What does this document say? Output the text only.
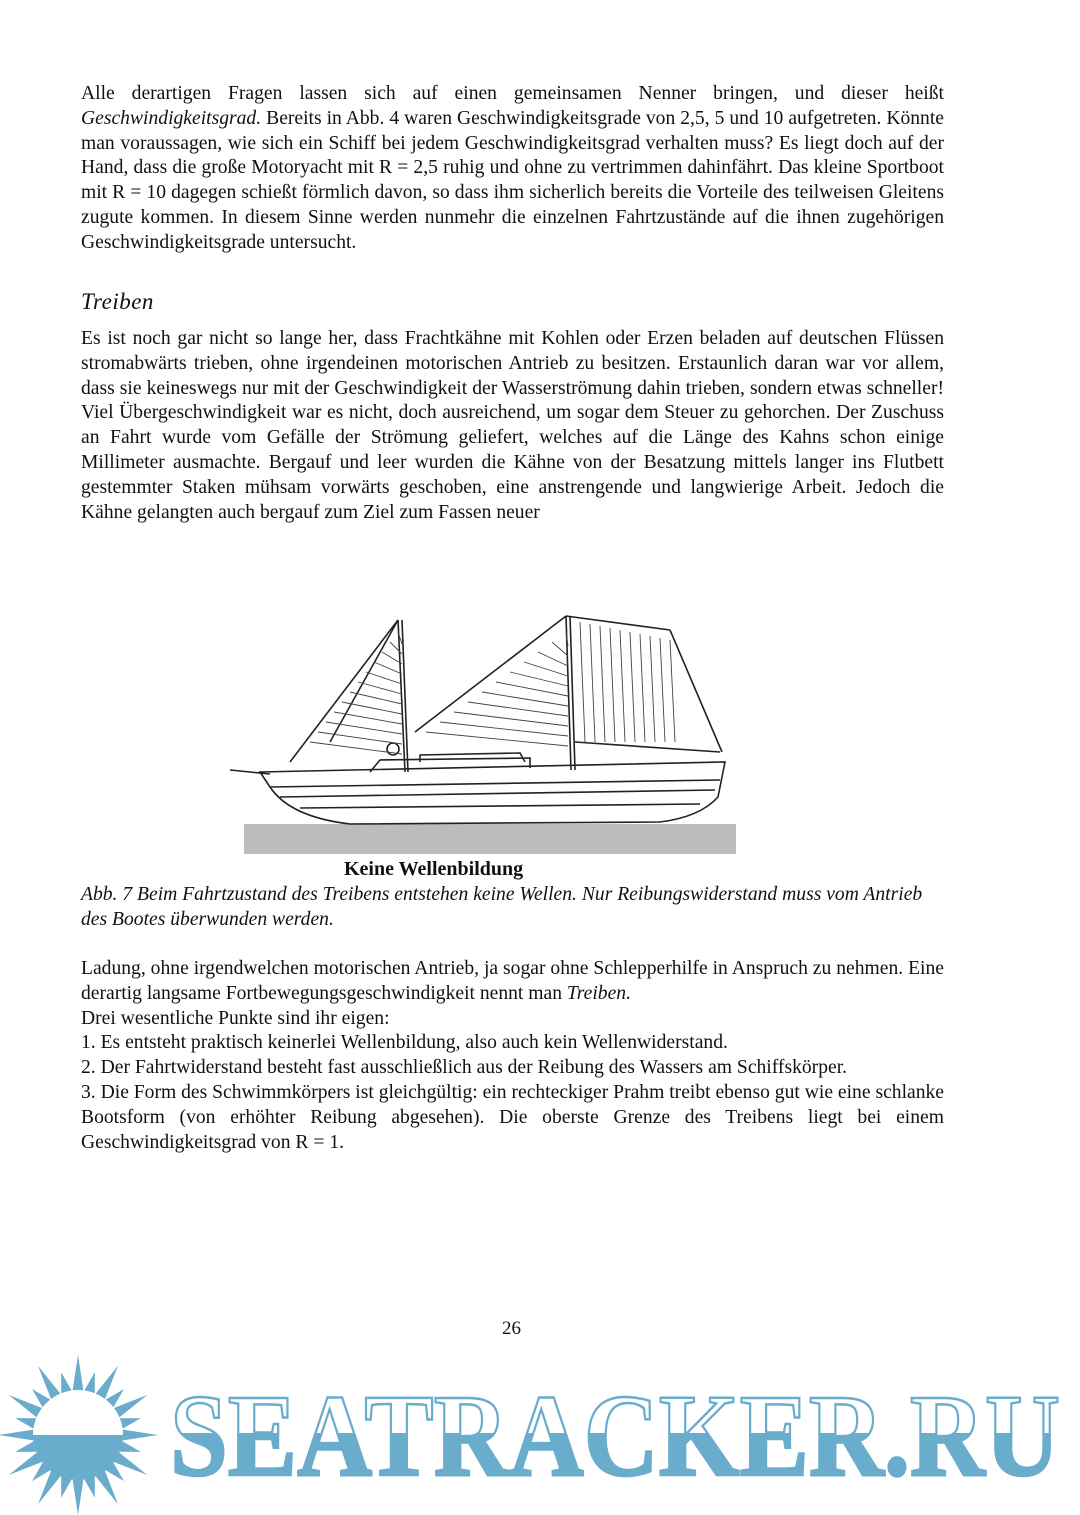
Alle derartigen Fragen lassen sich auf einen gemeinsamen Nenner bringen, und dieser heißt Geschwindigkeitsgrad. Bereits in Abb. 4 waren Geschwindigkeitsgrade von 2,5, 5 und 10 aufgetreten. Könnte man voraussagen, wie sich ein Schiff bei jedem Geschwindigkeitsgrad verhalten muss? Es liegt doch auf der Hand, dass die große Motoryacht mit R = 2,5 ruhig und ohne zu vertrimmen dahinfährt. Das kleine Sportboot mit R = 10 dagegen schießt förmlich davon, so dass ihm sicherlich bereits die Vorteile des teilweisen Gleitens zugute kommen. In diesem Sinne werden nunmehr die einzelnen Fahrtzustände auf die ihnen zugehörigen Geschwindigkeitsgrade untersucht.
Treiben
Es ist noch gar nicht so lange her, dass Frachtkähne mit Kohlen oder Erzen beladen auf deutschen Flüssen stromabwärts trieben, ohne irgendeinen motorischen Antrieb zu besitzen. Erstaunlich daran war vor allem, dass sie keineswegs nur mit der Geschwindigkeit der Wasserströmung dahin trieben, sondern etwas schneller! Viel Übergeschwindigkeit war es nicht, doch ausreichend, um sogar dem Steuer zu gehorchen. Der Zuschuss an Fahrt wurde vom Gefälle der Strömung geliefert, welches auf die Länge des Kahns schon einige Millimeter ausmachte. Bergauf und leer wurden die Kähne von der Besatzung mittels langer ins Flutbett gestemmter Staken mühsam vorwärts geschoben, eine anstrengende und langwierige Arbeit. Jedoch die Kähne gelangten auch bergauf zum Ziel zum Fassen neuer
Keine Wellenbildung
Abb. 7 Beim Fahrtzustand des Treibens entstehen keine Wellen. Nur Reibungswiderstand muss vom Antrieb des Bootes überwunden werden.
Ladung, ohne irgendwelchen motorischen Antrieb, ja sogar ohne Schlepperhilfe in Anspruch zu nehmen. Eine derartig langsame Fortbewegungsgeschwindigkeit nennt man Treiben.
Drei wesentliche Punkte sind ihr eigen:
1. Es entsteht praktisch keinerlei Wellenbildung, also auch kein Wellenwiderstand.
2. Der Fahrtwiderstand besteht fast ausschließlich aus der Reibung des Wassers am Schiffskörper.
3. Die Form des Schwimmkörpers ist gleichgültig: ein rechteckiger Prahm treibt ebenso gut wie eine schlanke Bootsform (von erhöhter Reibung abgesehen). Die oberste Grenze des Treibens liegt bei einem Geschwindigkeitsgrad von R = 1.
26
SEATRACKER.RU
